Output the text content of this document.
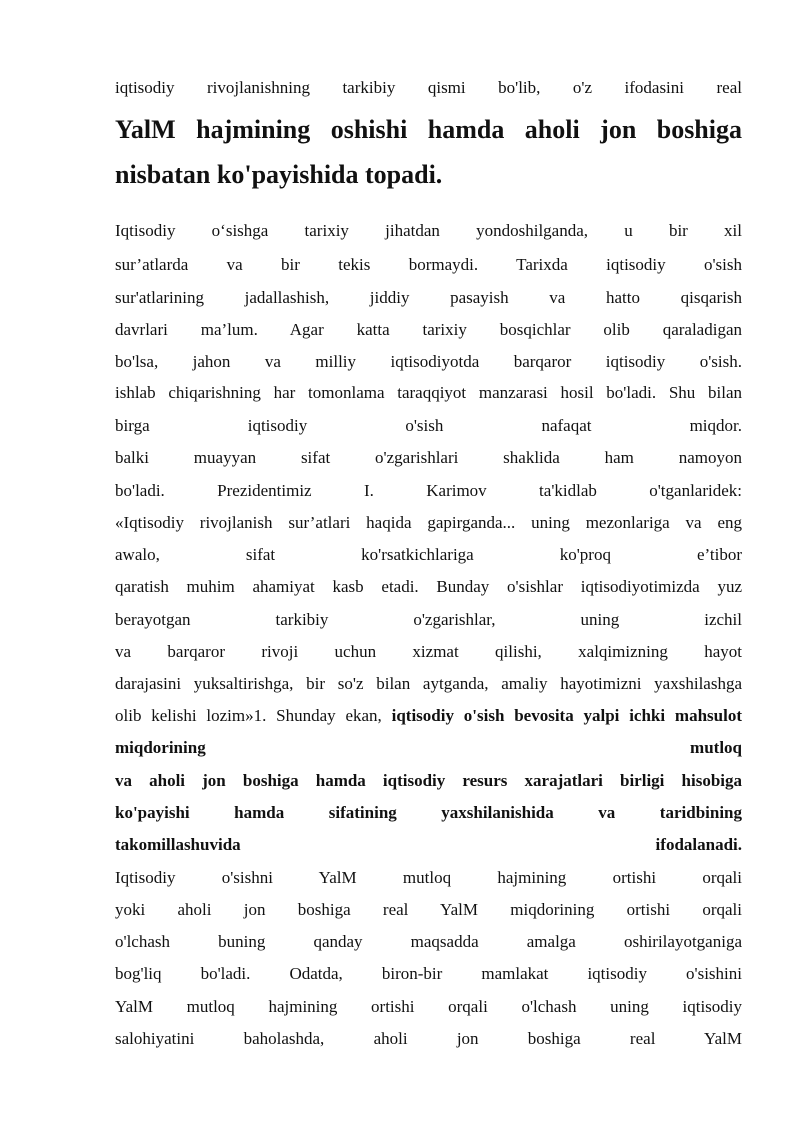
iqtisodiy rivojlanishning tarkibiy qismi bo'lib, o'z ifodasini real

YalM hajmining oshishi hamda aholi jon boshiga

nisbatan ko'payishida topadi.

Iqtisodiy o‘sishga tarixiy jihatdan yondoshilganda, u bir xil

sur’atlarda va bir tekis bormaydi. Tarixda iqtisodiy o'sish

sur'atlarining jadallashish, jiddiy pasayish va hatto qisqarish

davrlari ma’lum. Agar katta tarixiy bosqichlar olib qaraladigan

bo'lsa, jahon va milliy iqtisodiyotda barqaror iqtisodiy o'sish.

ishlab chiqarishning har tomonlama taraqqiyot manzarasi hosil bo'ladi. Shu bilan

birga iqtisodiy o'sish nafaqat miqdor.

balki muayyan sifat o'zgarishlari shaklida ham namoyon

bo'ladi. Prezidentimiz I. Karimov ta'kidlab o'tganlaridek:

«Iqtisodiy rivojlanish sur’atlari haqida gapirganda... uning mezonlariga va eng

awalo, sifat ko'rsatkichlariga ko'proq e’tibor

qaratish muhim ahamiyat kasb etadi. Bunday o'sishlar iqtisodiyotimizda yuz

berayotgan tarkibiy o'zgarishlar, uning izchil

va barqaror rivoji uchun xizmat qilishi, xalqimizning hayot

darajasini yuksaltirishga, bir so'z bilan aytganda, amaliy hayotimizni yaxshilashga

olib kelishi lozim»1. Shunday ekan, iqtisodiy o'sish bevosita yalpi ichki mahsulot

miqdorining mutloq

va aholi jon boshiga hamda iqtisodiy resurs xarajatlari birligi hisobiga

ko'payishi hamda sifatining yaxshilanishida va taridbining

takomillashuvida ifodalanadi.

Iqtisodiy o'sishni YalM mutloq hajmining ortishi orqali

yoki aholi jon boshiga real YalM miqdorining ortishi orqali

o'lchash buning qanday maqsadda amalga oshirilayotganiga

bog'liq bo'ladi. Odatda, biron-bir mamlakat iqtisodiy o'sishini

YalM mutloq hajmining ortishi orqali o'lchash uning iqtisodiy

salohiyatini baholashda, aholi jon boshiga real YalM
